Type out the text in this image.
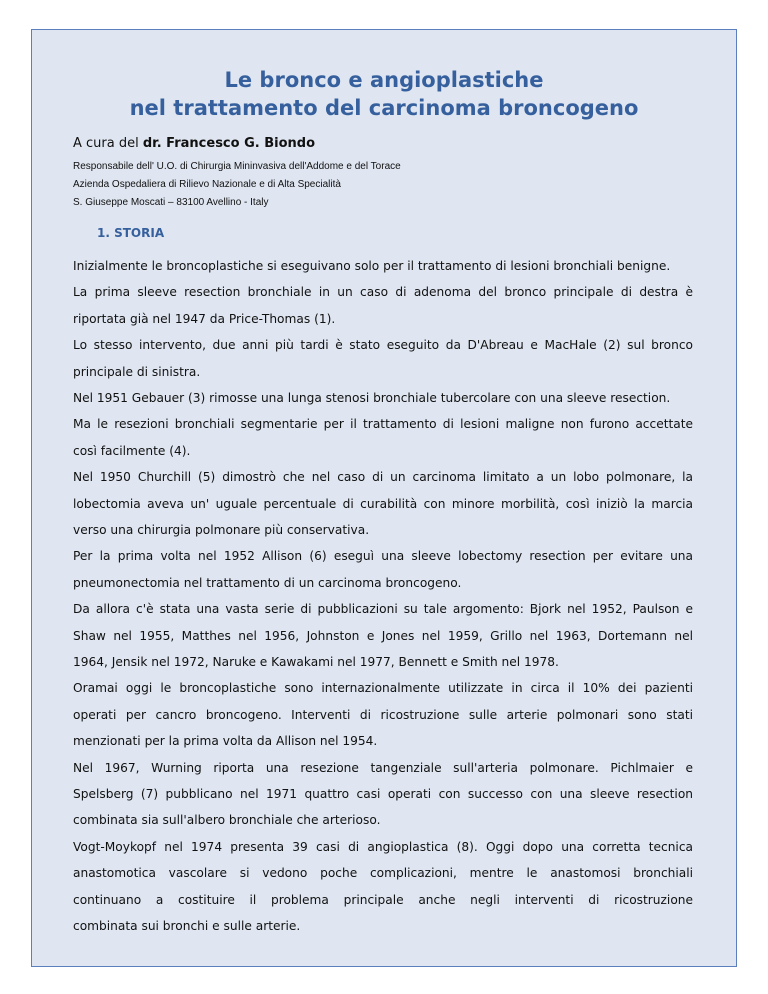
Le bronco e angioplastiche
nel trattamento del carcinoma broncogeno
A cura del dr. Francesco G. Biondo
Responsabile dell' U.O. di Chirurgia Mininvasiva dell'Addome e del Torace
Azienda Ospedaliera di Rilievo Nazionale e di Alta Specialità
S. Giuseppe Moscati – 83100 Avellino - Italy
1. STORIA
Inizialmente le broncoplastiche si eseguivano solo per il trattamento di lesioni bronchiali benigne.
La prima sleeve resection bronchiale in un caso di adenoma del bronco principale di destra è
riportata già nel 1947 da Price-Thomas (1).
Lo stesso intervento, due anni più tardi è stato eseguito da D'Abreau e MacHale (2) sul bronco
principale di sinistra.
Nel 1951 Gebauer (3) rimosse una lunga stenosi bronchiale tubercolare con una sleeve resection.
Ma le resezioni bronchiali segmentarie per il trattamento di lesioni maligne non furono accettate
così facilmente (4).
Nel 1950 Churchill (5) dimostrò che nel caso di un carcinoma limitato a un lobo polmonare, la
lobectomia aveva un' uguale percentuale di curabilità con minore morbilità, così iniziò la marcia
verso una chirurgia polmonare più conservativa.
Per la prima volta nel 1952 Allison (6) eseguì una sleeve lobectomy resection per evitare una
pneumonectomia nel trattamento di un carcinoma broncogeno.
Da allora c'è stata una vasta serie di pubblicazioni su tale argomento: Bjork nel 1952, Paulson e
Shaw nel 1955, Matthes nel 1956, Johnston e Jones nel 1959, Grillo nel 1963, Dortemann nel
1964, Jensik nel 1972, Naruke e Kawakami nel 1977, Bennett e Smith nel 1978.
Oramai oggi le broncoplastiche sono internazionalmente utilizzate in circa il 10% dei pazienti
operati per cancro broncogeno. Interventi di ricostruzione sulle arterie polmonari sono stati
menzionati per la prima volta da Allison nel 1954.
Nel 1967, Wurning riporta una resezione tangenziale sull'arteria polmonare. Pichlmaier e
Spelsberg (7) pubblicano nel 1971 quattro casi operati con successo con una sleeve resection
combinata sia sull'albero bronchiale che arterioso.
Vogt-Moykopf nel 1974 presenta 39 casi di angioplastica (8). Oggi dopo una corretta tecnica
anastomotica vascolare si vedono poche complicazioni, mentre le anastomosi bronchiali
continuano a costituire il problema principale anche negli interventi di ricostruzione
combinata sui bronchi e sulle arterie.
